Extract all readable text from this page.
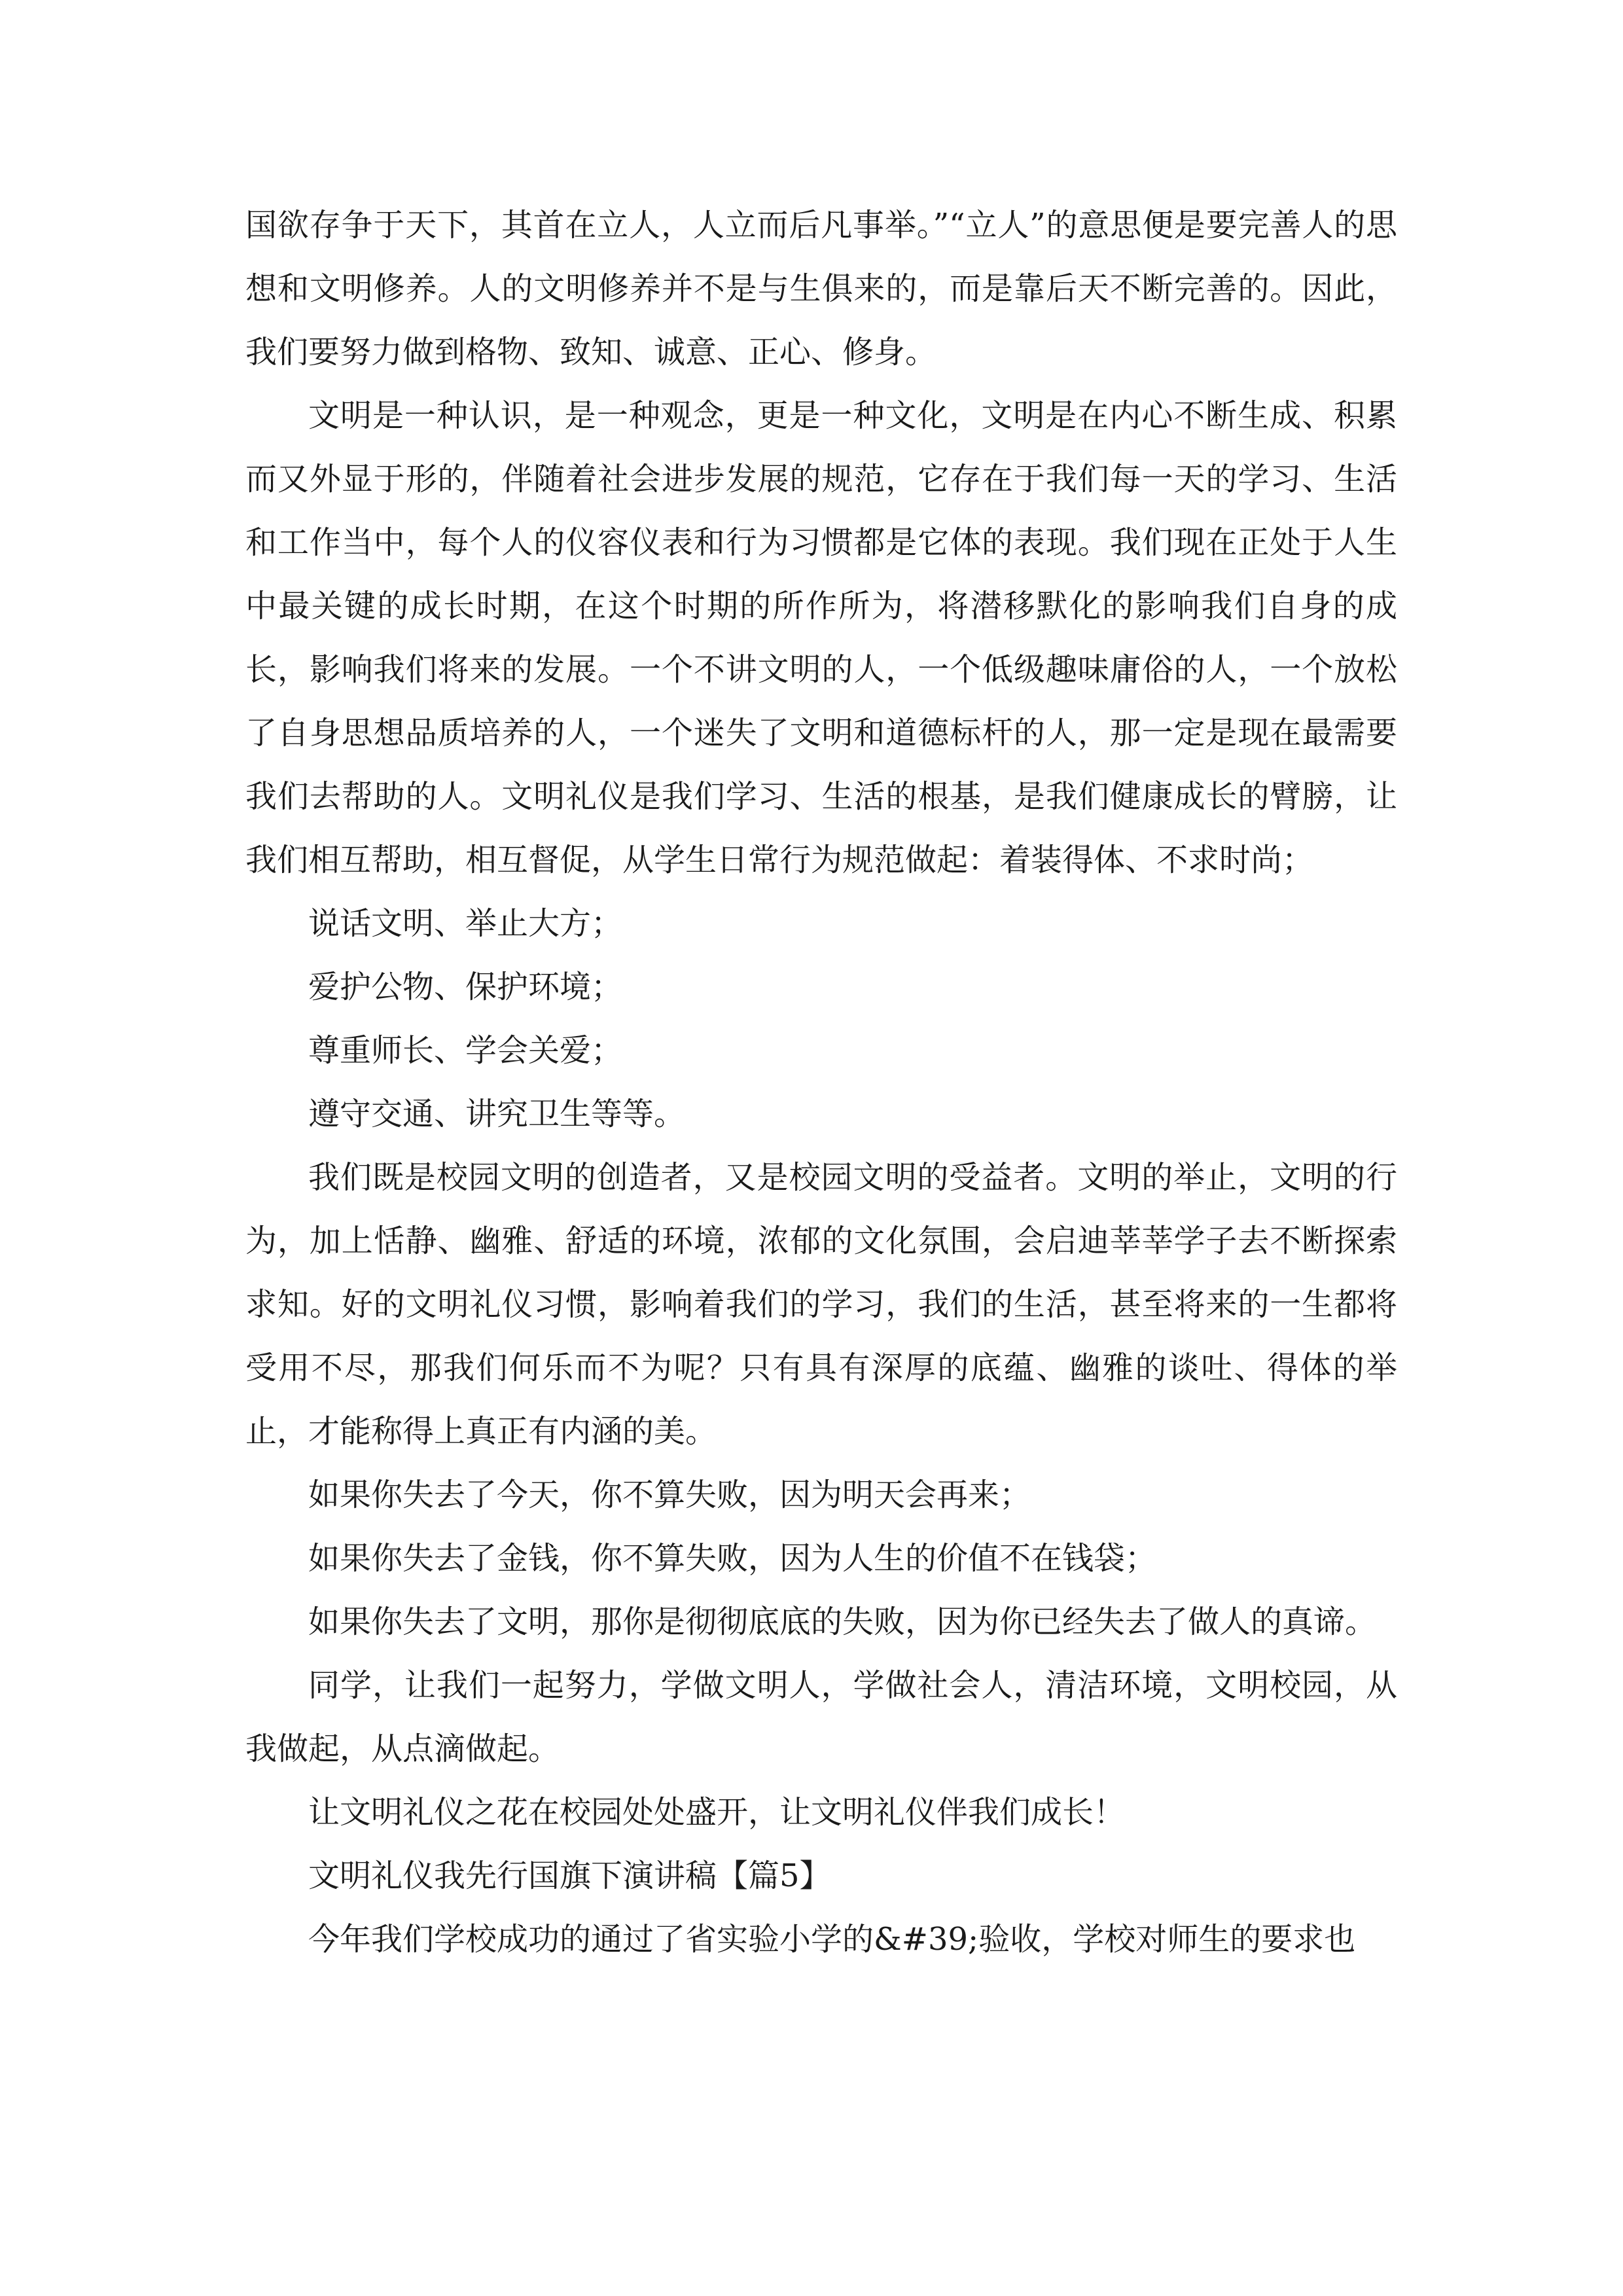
国欲存争于天下，其首在立人，人立而后凡事举。”“立人”的意思便是要完善人的思想和文明修养。人的文明修养并不是与生俱来的，而是靠后天不断完善的。因此，我们要努力做到格物、致知、诚意、正心、修身。

文明是一种认识，是一种观念，更是一种文化，文明是在内心不断生成、积累而又外显于形的，伴随着社会进步发展的规范，它存在于我们每一天的学习、生活和工作当中，每个人的仪容仪表和行为习惯都是它体的表现。我们现在正处于人生中最关键的成长时期，在这个时期的所作所为，将潜移默化的影响我们自身的成长，影响我们将来的发展。一个不讲文明的人，一个低级趣味庸俗的人，一个放松了自身思想品质培养的人，一个迷失了文明和道德标杆的人，那一定是现在最需要我们去帮助的人。文明礼仪是我们学习、生活的根基，是我们健康成长的臂膀，让我们相互帮助，相互督促，从学生日常行为规范做起：着装得体、不求时尚；

说话文明、举止大方；

爱护公物、保护环境；

尊重师长、学会关爱；

遵守交通、讲究卫生等等。

我们既是校园文明的创造者，又是校园文明的受益者。文明的举止，文明的行为，加上恬静、幽雅、舒适的环境，浓郁的文化氛围，会启迪莘莘学子去不断探索求知。好的文明礼仪习惯，影响着我们的学习，我们的生活，甚至将来的一生都将受用不尽，那我们何乐而不为呢？只有具有深厚的底蕴、幽雅的谈吐、得体的举止，才能称得上真正有内涵的美。

如果你失去了今天，你不算失败，因为明天会再来；

如果你失去了金钱，你不算失败，因为人生的价值不在钱袋；

如果你失去了文明，那你是彻彻底底的失败，因为你已经失去了做人的真谛。

同学，让我们一起努力，学做文明人，学做社会人，清洁环境，文明校园，从我做起，从点滴做起。

让文明礼仪之花在校园处处盛开，让文明礼仪伴我们成长！

文明礼仪我先行国旗下演讲稿【篇5】

今年我们学校成功的通过了省实验小学的&#39;验收，学校对师生的要求也
